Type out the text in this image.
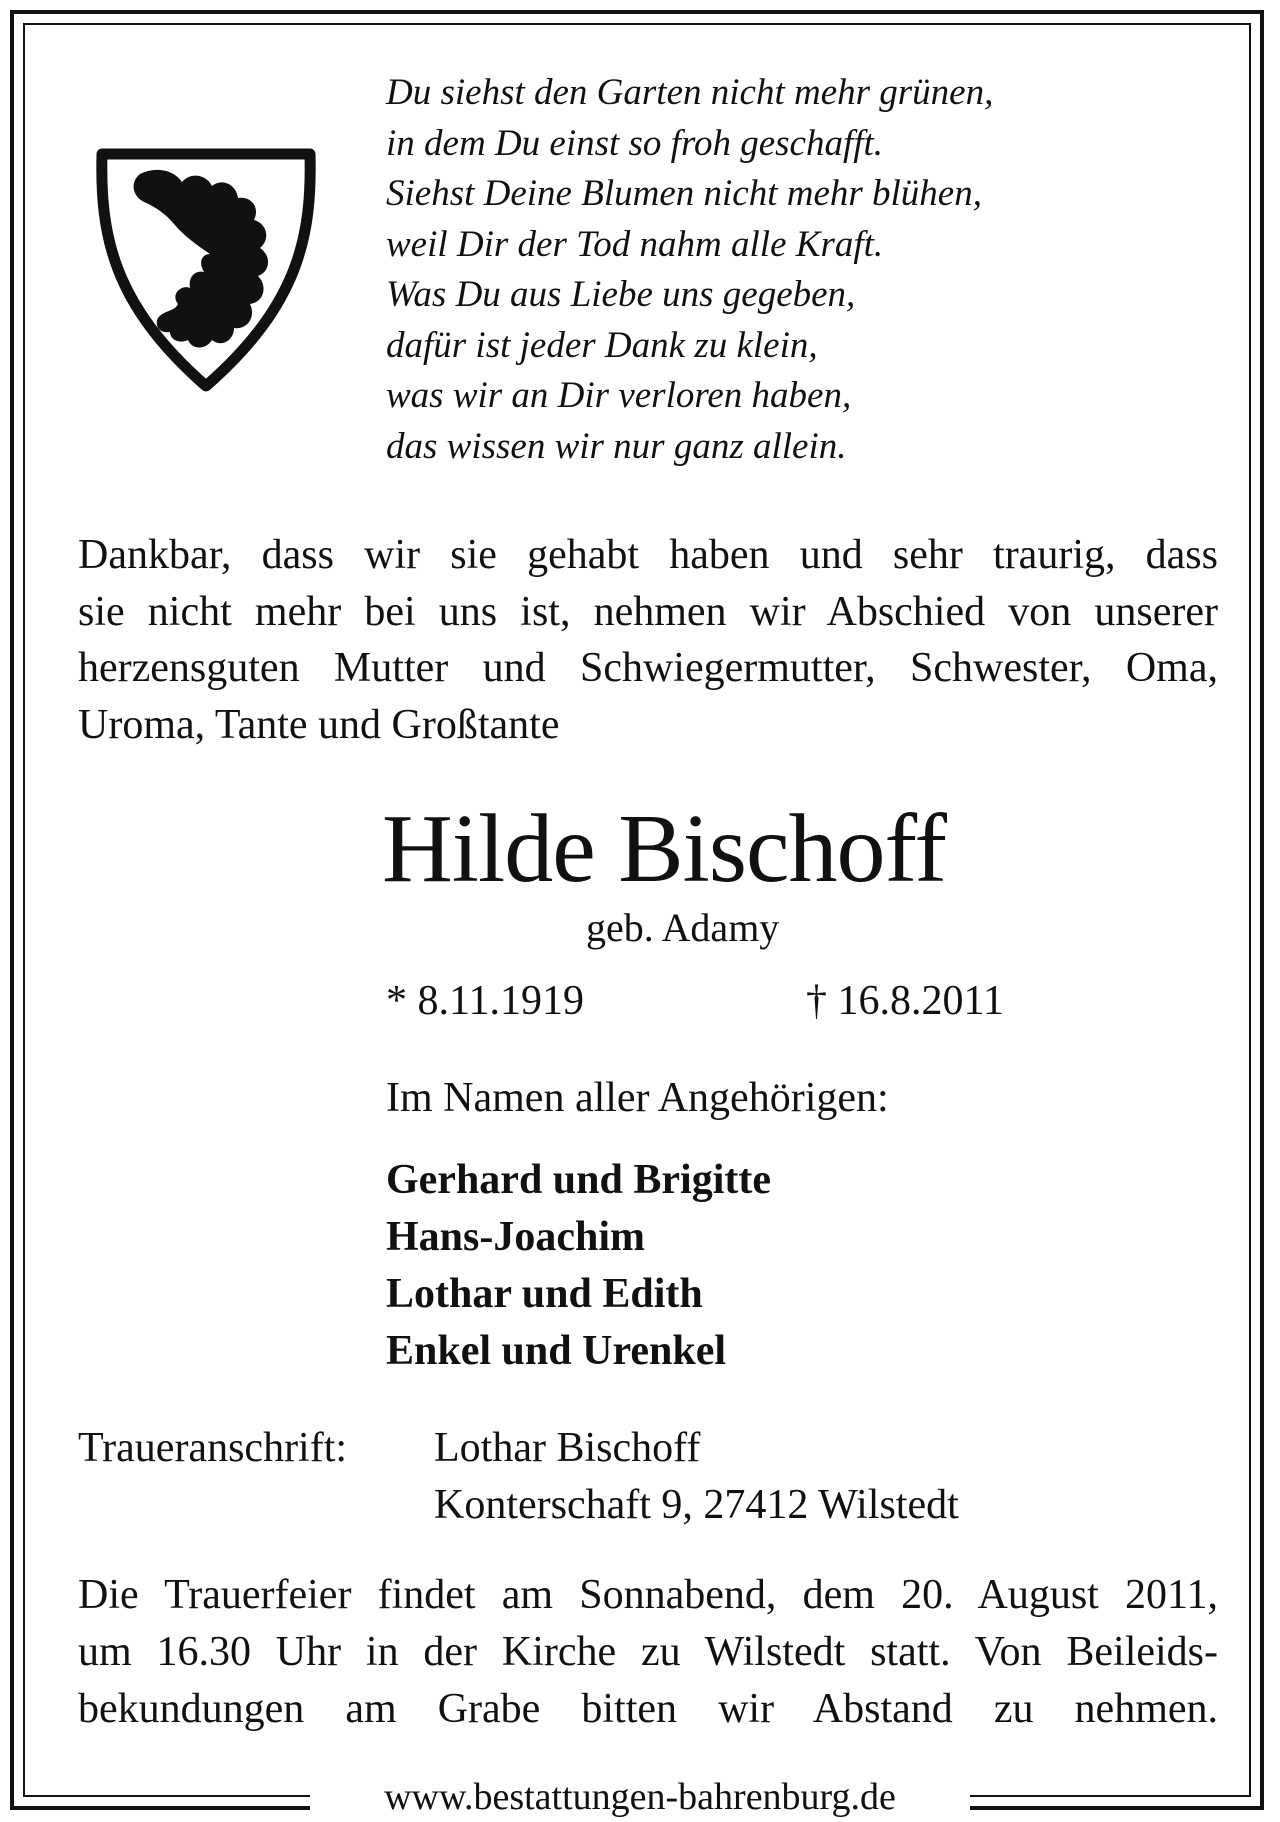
Du siehst den Garten nicht mehr grünen,
in dem Du einst so froh geschafft.
Siehst Deine Blumen nicht mehr blühen,
weil Dir der Tod nahm alle Kraft.
Was Du aus Liebe uns gegeben,
dafür ist jeder Dank zu klein,
was wir an Dir verloren haben,
das wissen wir nur ganz allein.
Dankbar, dass wir sie gehabt haben und sehr traurig, dass
sie nicht mehr bei uns ist, nehmen wir Abschied von unserer
herzensguten Mutter und Schwiegermutter, Schwester, Oma,
Uroma, Tante und Großtante
Hilde Bischoff
geb. Adamy
* 8.11.1919	† 16.8.2011
Im Namen aller Angehörigen:
Gerhard und Brigitte
Hans-Joachim
Lothar und Edith
Enkel und Urenkel
Traueranschrift: Lothar Bischoff
Konterschaft 9, 27412 Wilstedt
Die Trauerfeier findet am Sonnabend, dem 20. August 2011,
um 16.30 Uhr in der Kirche zu Wilstedt statt. Von Beileids-
bekundungen am Grabe bitten wir Abstand zu nehmen.
www.bestattungen-bahrenburg.de
